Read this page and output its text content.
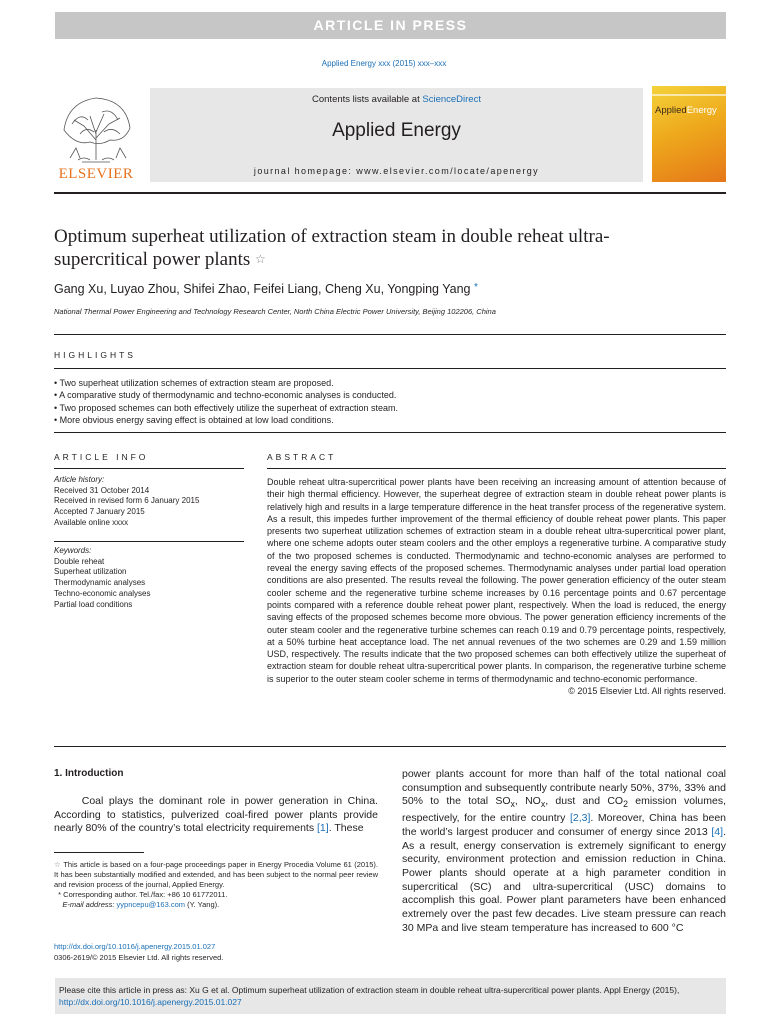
ARTICLE IN PRESS
Applied Energy xxx (2015) xxx–xxx
ELSEVIER
Contents lists available at ScienceDirect
Applied Energy
journal homepage: www.elsevier.com/locate/apenergy
AppliedEnergy
Optimum superheat utilization of extraction steam in double reheat ultra-supercritical power plants ☆
Gang Xu, Luyao Zhou, Shifei Zhao, Feifei Liang, Cheng Xu, Yongping Yang *
National Thermal Power Engineering and Technology Research Center, North China Electric Power University, Beijing 102206, China
HIGHLIGHTS
• Two superheat utilization schemes of extraction steam are proposed.
• A comparative study of thermodynamic and techno-economic analyses is conducted.
• Two proposed schemes can both effectively utilize the superheat of extraction steam.
• More obvious energy saving effect is obtained at low load conditions.
ARTICLE INFO
Article history:
Received 31 October 2014
Received in revised form 6 January 2015
Accepted 7 January 2015
Available online xxxx
Keywords:
Double reheat
Superheat utilization
Thermodynamic analyses
Techno-economic analyses
Partial load conditions
ABSTRACT
Double reheat ultra-supercritical power plants have been receiving an increasing amount of attention because of their high thermal efficiency. However, the superheat degree of extraction steam in double reheat power plants is relatively high and results in a large temperature difference in the heat transfer process of the regenerative system. As a result, this impedes further improvement of the thermal efficiency of double reheat power plants. This paper presents two superheat utilization schemes of extraction steam in a double reheat ultra-supercritical power plant, where one scheme adopts outer steam coolers and the other employs a regenerative turbine. A comparative study of the two proposed schemes is conducted. Thermodynamic and techno-economic analyses are performed to reveal the energy saving effects of the proposed schemes. Thermodynamic analyses under partial load operation conditions are also presented. The results reveal the following. The power generation efficiency of the outer steam cooler scheme and the regenerative turbine scheme increases by 0.16 percentage points and 0.67 percentage points compared with a reference double reheat power plant, respectively. When the load is reduced, the energy saving effects of the proposed schemes become more obvious. The power generation efficiency increments of the outer steam cooler and the regenerative turbine schemes can reach 0.19 and 0.79 percentage points, respectively, at a 50% turbine heat acceptance load. The net annual revenues of the two schemes are 0.29 and 1.59 million USD, respectively. The results indicate that the two proposed schemes can both effectively utilize the superheat of extraction steam for double reheat ultra-supercritical power plants. In comparison, the regenerative turbine scheme is superior to the outer steam cooler scheme in terms of thermodynamic and techno-economic performance.
© 2015 Elsevier Ltd. All rights reserved.
1. Introduction
Coal plays the dominant role in power generation in China. According to statistics, pulverized coal-fired power plants provide nearly 80% of the country’s total electricity requirements [1]. These
power plants account for more than half of the total national coal consumption and subsequently contribute nearly 50%, 37%, 33% and 50% to the total $SO_x$, $NO_x$, dust and $CO_2$ emission volumes, respectively, for the entire country [2,3]. Moreover, China has been the world’s largest producer and consumer of energy since 2013 [4]. As a result, energy conservation is extremely significant to energy security, environment protection and emission reduction in China. Power plants should operate at a high parameter condition in supercritical (SC) and ultra-supercritical (USC) domains to accomplish this goal. Power plant parameters have been enhanced extremely over the past few decades. Live steam pressure can reach 30 MPa and live steam temperature has increased to 600 °C
☆ This article is based on a four-page proceedings paper in Energy Procedia Volume 61 (2015). It has been substantially modified and extended, and has been subject to the normal peer review and revision process of the journal, Applied Energy.
* Corresponding author. Tel./fax: +86 10 61772011.
E-mail address: yypncepu@163.com (Y. Yang).
http://dx.doi.org/10.1016/j.apenergy.2015.01.027
0306-2619/© 2015 Elsevier Ltd. All rights reserved.
Please cite this article in press as: Xu G et al. Optimum superheat utilization of extraction steam in double reheat ultra-supercritical power plants. Appl Energy (2015), http://dx.doi.org/10.1016/j.apenergy.2015.01.027
